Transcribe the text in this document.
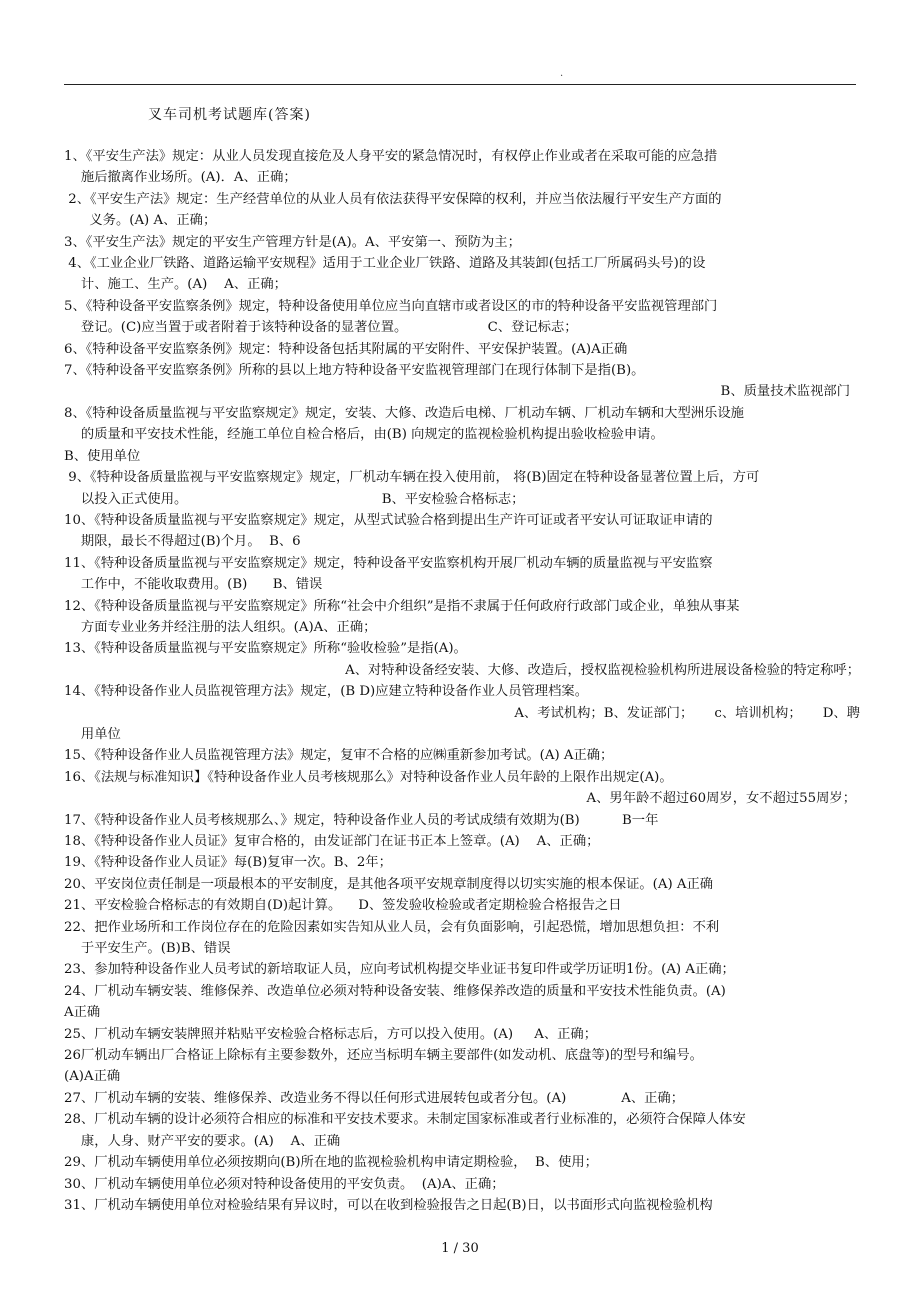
.
叉车司机考试题库(答案)

1、《平安生产法》规定：从业人员发现直接危及人身平安的紧急情况时，有权停止作业或者在采取可能的应急措

施后撤离作业场所。(A)．A、正确；

2、《平安生产法》规定：生产经营单位的从业人员有依法获得平安保障的权利，并应当依法履行平安生产方面的

义务。(A) A、正确；

3、《平安生产法》规定的平安生产管理方针是(A)。A、平安第一、预防为主；

4、《工业企业厂铁路、道路运输平安规程》适用于工业企业厂铁路、道路及其装卸(包括工厂所属码头号)的设

计、施工、生产。(A)    A、正确；

5、《特种设备平安监察条例》规定，特种设备使用单位应当向直辖市或者设区的市的特种设备平安监视管理部门

登记。(C)应当置于或者附着于该特种设备的显著位置。                   C、登记标志；

6、《特种设备平安监察条例》规定：特种设备包括其附属的平安附件、平安保护装置。(A)A正确

7、《特种设备平安监察条例》所称的县以上地方特种设备平安监视管理部门在现行体制下是指(B)。

B、质量技术监视部门

8、《特种设备质量监视与平安监察规定》规定，安装、大修、改造后电梯、厂机动车辆、厂机动车辆和大型洲乐设施

的质量和平安技术性能，经施工单位自检合格后，由(B) 向规定的监视检验机构提出验收检验申请。

B、使用单位

9、《特种设备质量监视与平安监察规定》规定，厂机动车辆在投入使用前， 将(B)固定在特种设备显著位置上后，方可

以投入正式使用。                                              B、平安检验合格标志；

10、《特种设备质量监视与平安监察规定》规定，从型式试验合格到提出生产许可证或者平安认可证取证申请的

期限，最长不得超过(B)个月。  B、6

11、《特种设备质量监视与平安监察规定》规定，特种设备平安监察机构开展厂机动车辆的质量监视与平安监察

工作中，不能收取费用。(B)      B、错误

12、《特种设备质量监视与平安监察规定》所称“社会中介组织”是指不隶属于任何政府行政部门或企业，单独从事某

方面专业业务并经注册的法人组织。(A)A、正确；

13、《特种设备质量监视与平安监察规定》所称“验收检验”是指(A)。

A、对特种设备经安装、大修、改造后，授权监视检验机构所进展设备检验的特定称呼；

14、《特种设备作业人员监视管理方法》规定，(B D)应建立特种设备作业人员管理档案。

A、考试机构；B、发证部门；     c、培训机构；     D、聘

用单位

15、《特种设备作业人员监视管理方法》规定，复审不合格的应㈱重新参加考试。(A) A正确；

16、《法规与标准知识】《特种设备作业人员考核规那么》对特种设备作业人员年龄的上限作出规定(A)。

A、男年龄不超过60周岁，女不超过55周岁；

17、《特种设备作业人员考核规那么、》规定，特种设备作业人员的考试成绩有效期为(B)          B一年

18、《特种设备作业人员证》复审合格的，由发证部门在证书正本上签章。(A)    A、正确；

19、《特种设备作业人员证》每(B)复审一次。B、2年；

20、平安岗位责任制是一项最根本的平安制度，是其他各项平安规章制度得以切实实施的根本保证。(A) A正确

21、平安检验合格标志的有效期自(D)起计算。    D、签发验收检验或者定期检验合格报告之日

22、把作业场所和工作岗位存在的危险因素如实告知从业人员，会有负面影响，引起恐慌，增加思想负担：不利

于平安生产。(B)B、错误

23、参加特种设备作业人员考试的新培取证人员，应向考试机构提交毕业证书复印件或学历证明1份。(A) A正确；

24、厂机动车辆安装、维修保养、改造单位必须对特种设备安装、维修保养改造的质量和平安技术性能负责。(A)

A正确

25、厂机动车辆安装牌照并粘贴平安检验合格标志后，方可以投入使用。(A)     A、正确；

26厂机动车辆出厂合格证上除标有主要参数外，还应当标明车辆主要部件(如发动机、底盘等)的型号和编号。

(A)A正确

27、厂机动车辆的安装、维修保养、改造业务不得以任何形式进展转包或者分包。(A)             A、正确；

28、厂机动车辆的设计必须符合相应的标准和平安技术要求。未制定国家标准或者行业标准的，必须符合保障人体安

康，人身、财产平安的要求。(A)    A、正确

29、厂机动车辆使用单位必须按期向(B)所在地的监视检验机构申请定期检验，  B、使用；

30、厂机动车辆使用单位必须对特种设备使用的平安负责。  (A)A、正确；

31、厂机动车辆使用单位对检验结果有异议时，可以在收到检验报告之日起(B)日，以书面形式向监视检验机构

1 / 30
